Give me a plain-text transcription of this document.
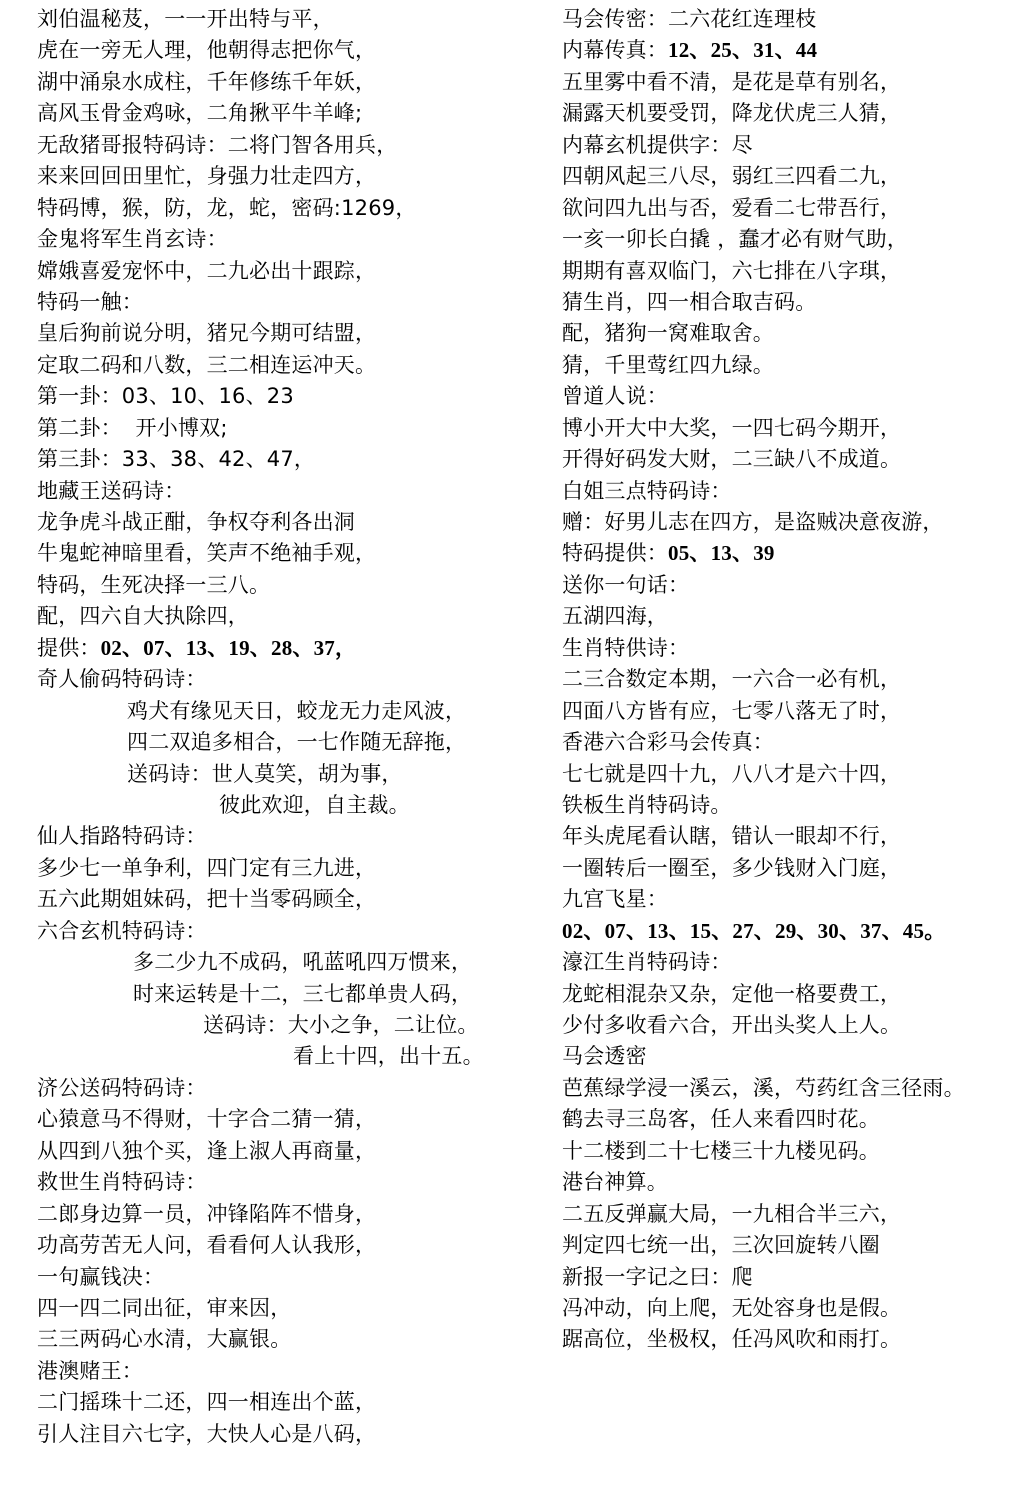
刘伯温秘芨，一一开出特与平，
虎在一旁无人理，他朝得志把你气，
湖中涌泉水成柱，千年修练千年妖，
高风玉骨金鸡咏，二角揪平牛羊峰;
无敌猪哥报特码诗：二将门智各用兵，
来来回回田里忙，身强力壮走四方，
特码博，猴，防，龙，蛇，密码:1269，
金鬼将军生肖玄诗：
嫦娥喜爱宠怀中，二九必出十跟踪，
特码一触：
皇后狗前说分明，猪兄今期可结盟，
定取二码和八数，三二相连运冲天。
第一卦：03、10、16、23
第二卦：  开小博双;
第三卦：33、38、42、47，
地藏王送码诗：
龙争虎斗战正酣，争权夺利各出洞
牛鬼蛇神暗里看，笑声不绝袖手观，
特码，生死决择一三八。
配，四六自大执除四，
提供：02、07、13、19、28、37，
奇人偷码特码诗：
鸡犬有缘见天日，蛟龙无力走风波，
四二双追多相合，一七作随无辞拖，
送码诗：世人莫笑，胡为事，
彼此欢迎，自主裁。
仙人指路特码诗：
多少七一单争利，四门定有三九进，
五六此期姐妹码，把十当零码顾全，
六合玄机特码诗：
多二少九不成码，吼蓝吼四万惯来，
时来运转是十二，三七都单贵人码，
送码诗：大小之争，二让位。
看上十四，出十五。
济公送码特码诗：
心猿意马不得财，十字合二猜一猜，
从四到八独个买，逢上淑人再商量，
救世生肖特码诗：
二郎身边算一员，冲锋陷阵不惜身，
功高劳苦无人问，看看何人认我形，
一句赢钱决：
四一四二同出征，审来因，
三三两码心水清，大赢银。
港澳赌王：
二门摇珠十二还，四一相连出个蓝，
引人注目六七字，大快人心是八码，
马会传密：二六花红连理枝
内幕传真：12、25、31、44
五里雾中看不清，是花是草有别名，
漏露天机要受罚，降龙伏虎三人猜，
内幕玄机提供字：尽
四朝风起三八尽，弱红三四看二九，
欲问四九出与否，爱看二七带吾行，
一亥一卯长白撬 ，蠢才必有财气助，
期期有喜双临门，六七排在八字琪，
猜生肖，四一相合取吉码。
配，猪狗一窝难取舍。
猜，千里莺红四九绿。
曾道人说：
博小开大中大奖，一四七码今期开，
开得好码发大财，二三缺八不成道。
白姐三点特码诗：
赠：好男儿志在四方，是盗贼决意夜游，
特码提供：05、13、39
送你一句话：
五湖四海，
生肖特供诗：
二三合数定本期，一六合一必有机，
四面八方皆有应，七零八落无了时，
香港六合彩马会传真：
七七就是四十九，八八才是六十四，
铁板生肖特码诗。
年头虎尾看认瞎，错认一眼却不行，
一圈转后一圈至，多少钱财入门庭，
九宫飞星：
02、07、13、15、27、29、30、37、45。
濠江生肖特码诗：
龙蛇相混杂又杂，定他一格要费工，
少付多收看六合，开出头奖人上人。
马会透密
芭蕉绿学浸一溪云，溪，芍药红含三径雨。
鹤去寻三岛客，任人来看四时花。
十二楼到二十七楼三十九楼见码。
港台神算。
二五反弹赢大局，一九相合半三六，
判定四七统一出，三次回旋转八圈
新报一字记之曰：爬
冯冲动，向上爬，无处容身也是假。
踞高位，坐极权，任冯风吹和雨打。
